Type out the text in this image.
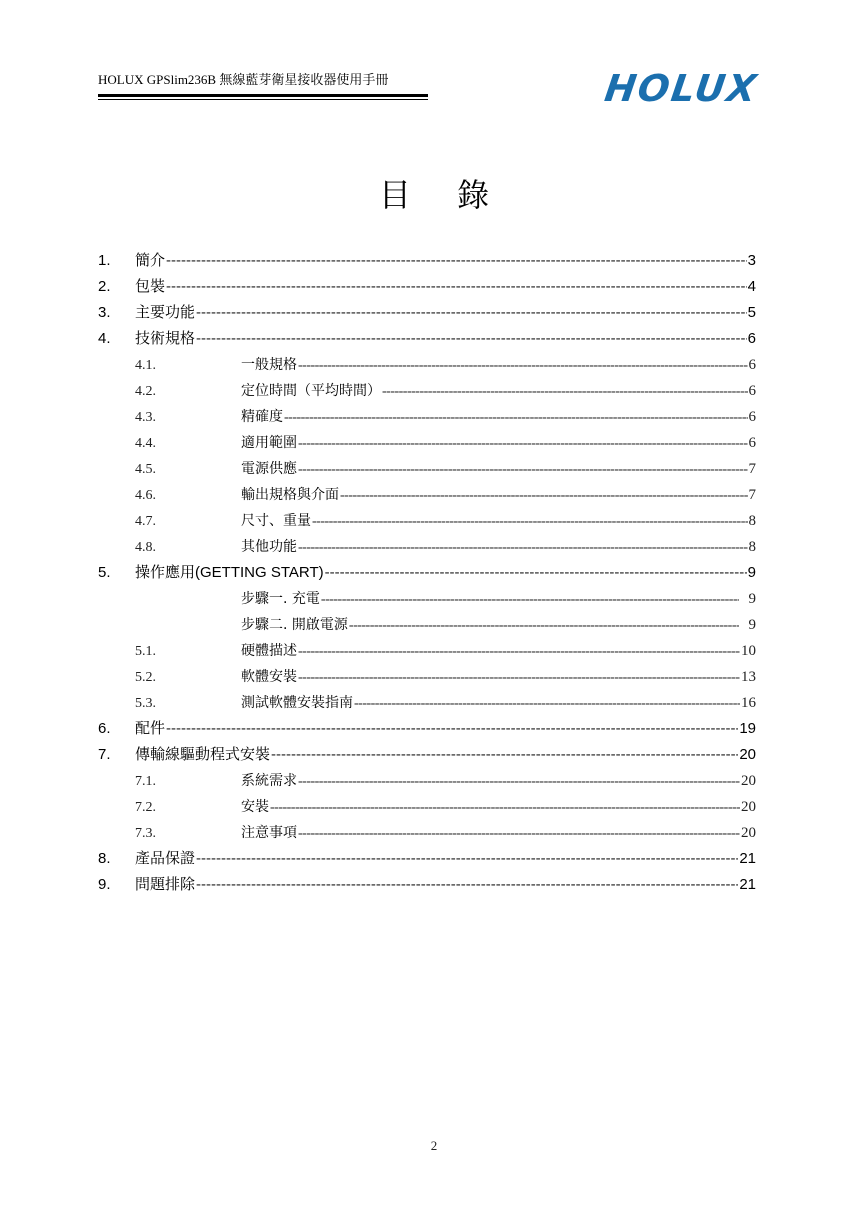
HOLUX GPSlim236B 無線藍芽衛星接收器使用手冊	HOLUX
目 錄
1.	簡介 -----	3
2.	包裝 -----	4
3.	主要功能 -----	5
4.	技術規格 -----	6
4.1.	一般規格 -----	6
4.2.	定位時間（平均時間） -----	6
4.3.	精確度 -----	6
4.4.	適用範圍 -----	6
4.5.	電源供應 -----	7
4.6.	輸出規格與介面 -----	7
4.7.	尺寸、重量 -----	8
4.8.	其他功能 -----	8
5.	操作應用(GETTING START) -----	9
步驟一. 充電 -----	9
步驟二. 開啟電源 -----	9
5.1.	硬體描述 -----	10
5.2.	軟體安裝 -----	13
5.3.	測試軟體安裝指南 -----	16
6.	配件 -----	19
7.	傳輸線驅動程式安裝 -----	20
7.1.	系統需求 -----	20
7.2.	安裝 -----	20
7.3.	注意事項 -----	20
8.	產品保證 -----	21
9.	問題排除 -----	21
2
